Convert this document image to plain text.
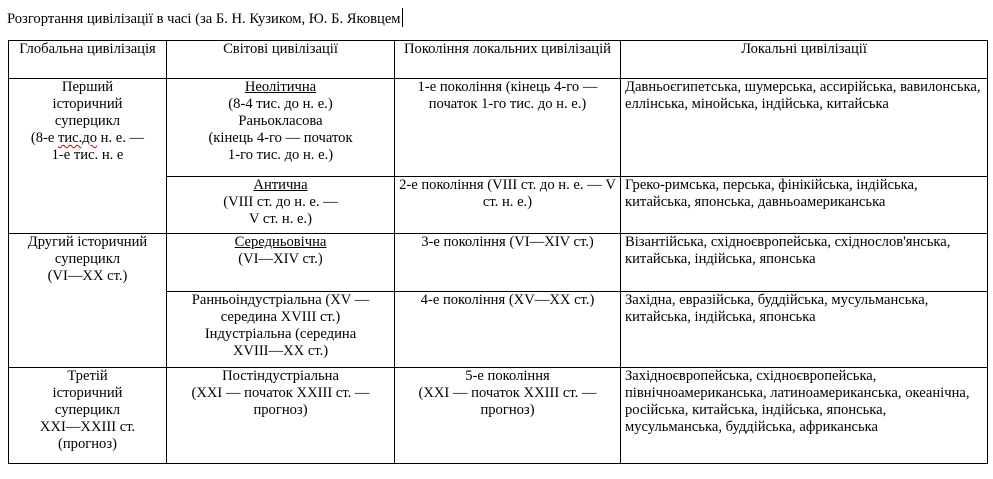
Розгортання цивілізації в часі (за Б. Н. Кузиком, Ю. Б. Яковцем
Глобальна цивілізація	Світові цивілізації	Покоління локальних цивілізацій	Локальні цивілізації

Перший
історичний
суперцикл
(8-е тис.до н. е. —
1-е тис. н. е	Неолітична
(8-4 тис. до н. е.)
Раньокласова
(кінець 4-го — початок
1-го тис. до н. е.)	1-е покоління (кінець 4-го — початок 1-го тис. до н. е.)	Давньоєгипетська, шумерська, ассирійська, вавилонська, еллінська, мінойська, індійська, китайська

	Антична
(VIII ст. до н. е. —
V ст. н. е.)	2-е покоління (VIII ст. до н. е. — V ст. н. е.)	Греко-римська, перська, фінікійська, індійська, китайська, японська, давньоамериканська

Другий історичний
суперцикл
(VI—XX ст.)	Середньовічна
(VI—XIV ст.)	3-е покоління (VI—XIV ст.)	Візантійська, східноєвропейська, східнослов'янська, китайська, індійська, японська

	Ранньоіндустріальна (XV —
середина XVIII ст.)
Індустріальна (середина
XVIII—XX ст.)	4-е покоління (XV—XX ст.)	Західна, евразійська, буддійська, мусульманська, китайська, індійська, японська

Третій
історичний
суперцикл
XXI—XXIII ст.
(прогноз)	Постіндустріальна
(XXI — початок XXIII ст. —
прогноз)	5-е покоління
(XXI — початок XXIII ст. —
прогноз)	Західноєвропейська, східноєвропейська, північноамериканська, латиноамериканська, океанічна, російська, китайська, індійська, японська, мусульманська, буддійська, африканська
